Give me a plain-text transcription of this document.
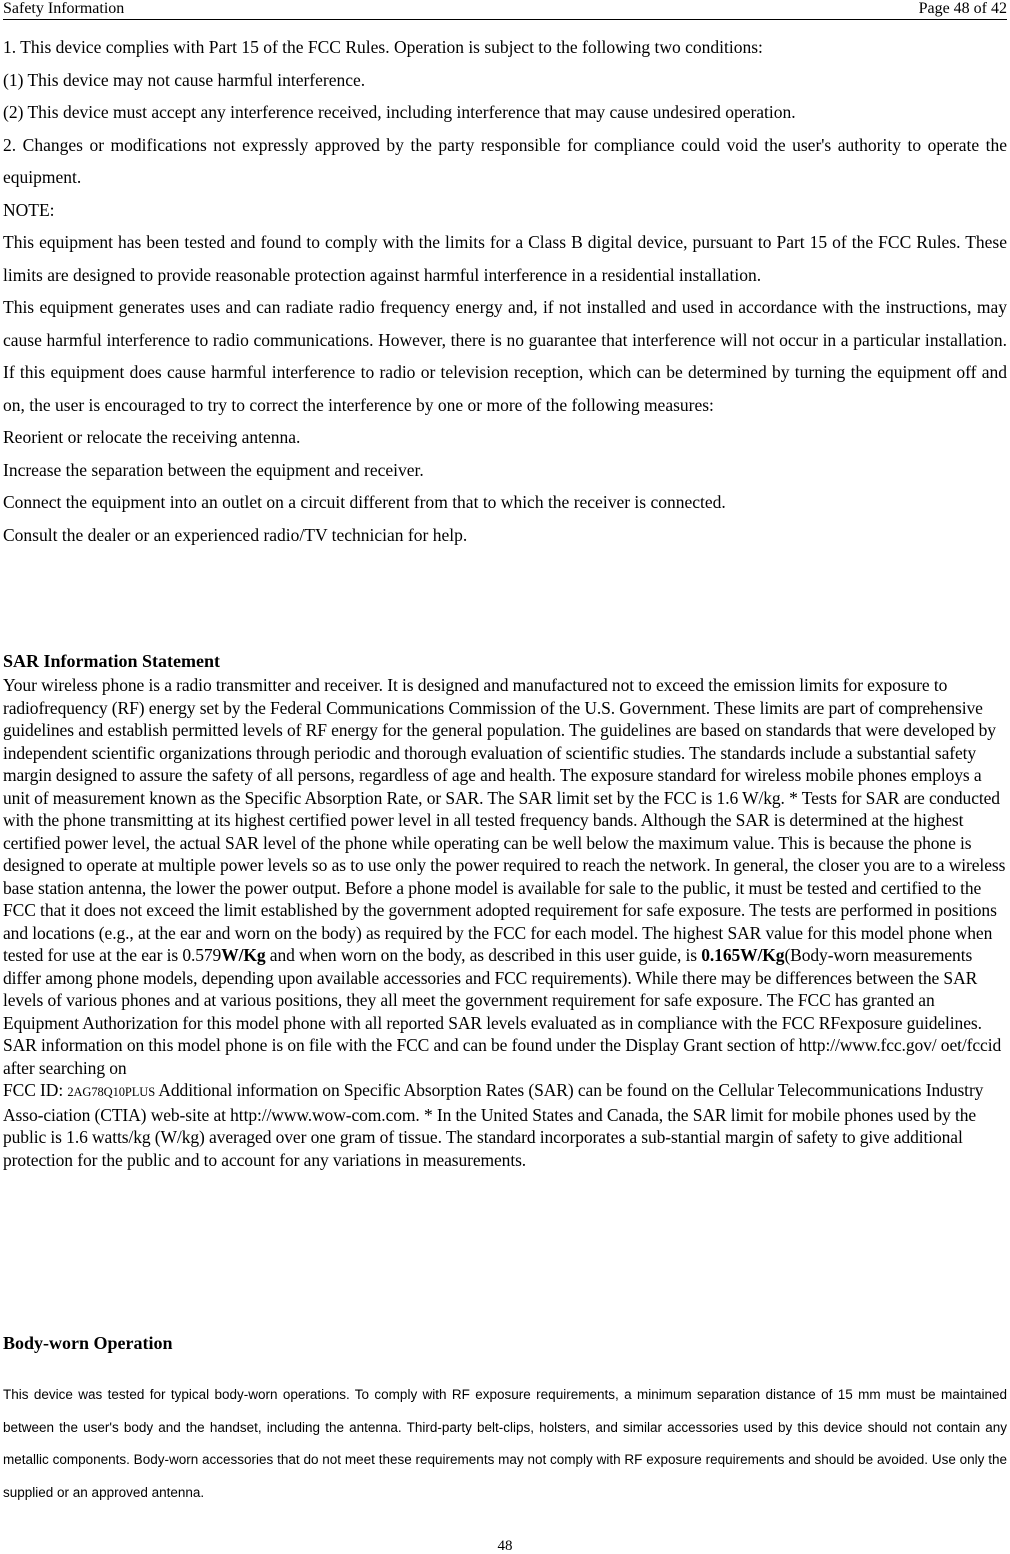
Safety Information	Page 48 of 42

1. This device complies with Part 15 of the FCC Rules. Operation is subject to the following two conditions:

(1) This device may not cause harmful interference.

(2) This device must accept any interference received, including interference that may cause undesired operation.

2. Changes or modifications not expressly approved by the party responsible for compliance could void the user's authority to operate the equipment.

NOTE:

This equipment has been tested and found to comply with the limits for a Class B digital device, pursuant to Part 15 of the FCC Rules. These limits are designed to provide reasonable protection against harmful interference in a residential installation.

This equipment generates uses and can radiate radio frequency energy and, if not installed and used in accordance with the instructions, may cause harmful interference to radio communications. However, there is no guarantee that interference will not occur in a particular installation. If this equipment does cause harmful interference to radio or television reception, which can be determined by turning the equipment off and on, the user is encouraged to try to correct the interference by one or more of the following measures:

Reorient or relocate the receiving antenna.

Increase the separation between the equipment and receiver.

Connect the equipment into an outlet on a circuit different from that to which the receiver is connected.

Consult the dealer or an experienced radio/TV technician for help.

SAR Information Statement

Your wireless phone is a radio transmitter and receiver. It is designed and manufactured not to exceed the emission limits for exposure to radiofrequency (RF) energy set by the Federal Communications Commission of the U.S. Government. These limits are part of comprehensive guidelines and establish permitted levels of RF energy for the general population. The guidelines are based on standards that were developed by independent scientific organizations through periodic and thorough evaluation of scientific studies. The standards include a substantial safety margin designed to assure the safety of all persons, regardless of age and health. The exposure standard for wireless mobile phones employs a unit of measurement known as the Specific Absorption Rate, or SAR. The SAR limit set by the FCC is 1.6 W/kg. * Tests for SAR are conducted with the phone transmitting at its highest certified power level in all tested frequency bands. Although the SAR is determined at the highest certified power level, the actual SAR level of the phone while operating can be well below the maximum value. This is because the phone is designed to operate at multiple power levels so as to use only the power required to reach the network. In general, the closer you are to a wireless base station antenna, the lower the power output. Before a phone model is available for sale to the public, it must be tested and certified to the FCC that it does not exceed the limit established by the government adopted requirement for safe exposure. The tests are performed in positions and locations (e.g., at the ear and worn on the body) as required by the FCC for each model. The highest SAR value for this model phone when tested for use at the ear is 0.579W/Kg and when worn on the body, as described in this user guide, is 0.165W/Kg(Body-worn measurements differ among phone models, depending upon available accessories and FCC requirements). While there may be differences between the SAR levels of various phones and at various positions, they all meet the government requirement for safe exposure. The FCC has granted an Equipment Authorization for this model phone with all reported SAR levels evaluated as in compliance with the FCC RFexposure guidelines. SAR information on this model phone is on file with the FCC and can be found under the Display Grant section of http://www.fcc.gov/ oet/fccid after searching on
FCC ID: 2AG78Q10PLUS Additional information on Specific Absorption Rates (SAR) can be found on the Cellular Telecommunications Industry Asso-ciation (CTIA) web-site at http://www.wow-com.com. * In the United States and Canada, the SAR limit for mobile phones used by the public is 1.6 watts/kg (W/kg) averaged over one gram of tissue. The standard incorporates a sub-stantial margin of safety to give additional protection for the public and to account for any variations in measurements.

Body-worn Operation

This device was tested for typical body-worn operations. To comply with RF exposure requirements, a minimum separation distance of 15 mm must be maintained between the user's body and the handset, including the antenna. Third-party belt-clips, holsters, and similar accessories used by this device should not contain any metallic components. Body-worn accessories that do not meet these requirements may not comply with RF exposure requirements and should be avoided. Use only the supplied or an approved antenna.

48
